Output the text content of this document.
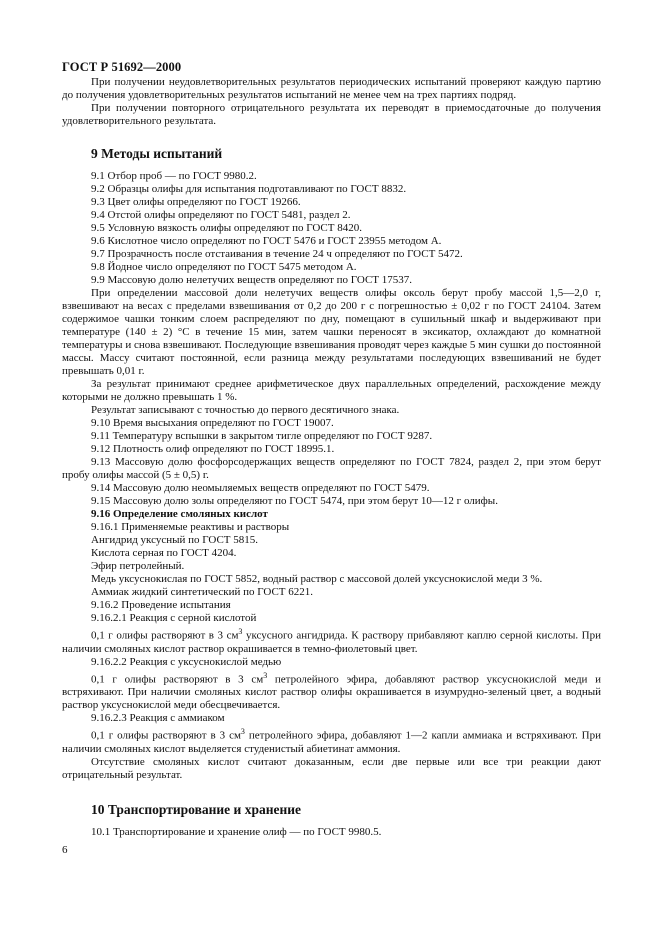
ГОСТ Р 51692—2000

При получении неудовлетворительных результатов периодических испытаний проверяют каждую партию до получения удовлетворительных результатов испытаний не менее чем на трех партиях подряд.

При получении повторного отрицательного результата их переводят в приемосдаточные до получения удовлетворительного результата.

9 Методы испытаний

9.1 Отбор проб — по ГОСТ 9980.2.

9.2 Образцы олифы для испытания подготавливают по ГОСТ 8832.

9.3 Цвет олифы определяют по ГОСТ 19266.

9.4 Отстой олифы определяют по ГОСТ 5481, раздел 2.

9.5 Условную вязкость олифы определяют по ГОСТ 8420.

9.6 Кислотное число определяют по ГОСТ 5476 и ГОСТ 23955 методом А.

9.7 Прозрачность после отстаивания в течение 24 ч определяют по ГОСТ 5472.

9.8 Йодное число определяют по ГОСТ 5475 методом А.

9.9 Массовую долю нелетучих веществ определяют по ГОСТ 17537.

При определении массовой доли нелетучих веществ олифы оксоль берут пробу массой 1,5—2,0 г, взвешивают на весах с пределами взвешивания от 0,2 до 200 г с погрешностью ± 0,02 г по ГОСТ 24104. Затем содержимое чашки тонким слоем распределяют по дну, помещают в сушильный шкаф и выдерживают при температуре (140 ± 2) °С в течение 15 мин, затем чашки переносят в эксикатор, охлаждают до комнатной температуры и снова взвешивают. Последующие взвешивания проводят через каждые 5 мин сушки до постоянной массы. Массу считают постоянной, если разница между результатами последующих взвешиваний не будет превышать 0,01 г.

За результат принимают среднее арифметическое двух параллельных определений, расхождение между которыми не должно превышать 1 %.

Результат записывают с точностью до первого десятичного знака.

9.10 Время высыхания определяют по ГОСТ 19007.

9.11 Температуру вспышки в закрытом тигле определяют по ГОСТ 9287.

9.12 Плотность олиф определяют по ГОСТ 18995.1.

9.13 Массовую долю фосфорсодержащих веществ определяют по ГОСТ 7824, раздел 2, при этом берут пробу олифы массой (5 ± 0,5) г.

9.14 Массовую долю неомыляемых веществ определяют по ГОСТ 5479.

9.15 Массовую долю золы определяют по ГОСТ 5474, при этом берут 10—12 г олифы.

9.16 Определение смоляных кислот

9.16.1 Применяемые реактивы и растворы

Ангидрид уксусный по ГОСТ 5815.

Кислота серная по ГОСТ 4204.

Эфир петролейный.

Медь уксуснокислая по ГОСТ 5852, водный раствор с массовой долей уксуснокислой меди 3 %.

Аммиак жидкий синтетический по ГОСТ 6221.

9.16.2 Проведение испытания

9.16.2.1 Реакция с серной кислотой

0,1 г олифы растворяют в 3 $см^3$ уксусного ангидрида. К раствору прибавляют каплю серной кислоты. При наличии смоляных кислот раствор окрашивается в темно-фиолетовый цвет.

9.16.2.2 Реакция с уксуснокислой медью

0,1 г олифы растворяют в 3 $см^3$ петролейного эфира, добавляют раствор уксуснокислой меди и встряхивают. При наличии смоляных кислот раствор олифы окрашивается в изумрудно-зеленый цвет, а водный раствор уксуснокислой меди обесцвечивается.

9.16.2.3 Реакция с аммиаком

0,1 г олифы растворяют в 3 $см^3$ петролейного эфира, добавляют 1—2 капли аммиака и встряхивают. При наличии смоляных кислот выделяется студенистый абиетинат аммония.

Отсутствие смоляных кислот считают доказанным, если две первые или все три реакции дают отрицательный результат.

10 Транспортирование и хранение

10.1 Транспортирование и хранение олиф — по ГОСТ 9980.5.

6
